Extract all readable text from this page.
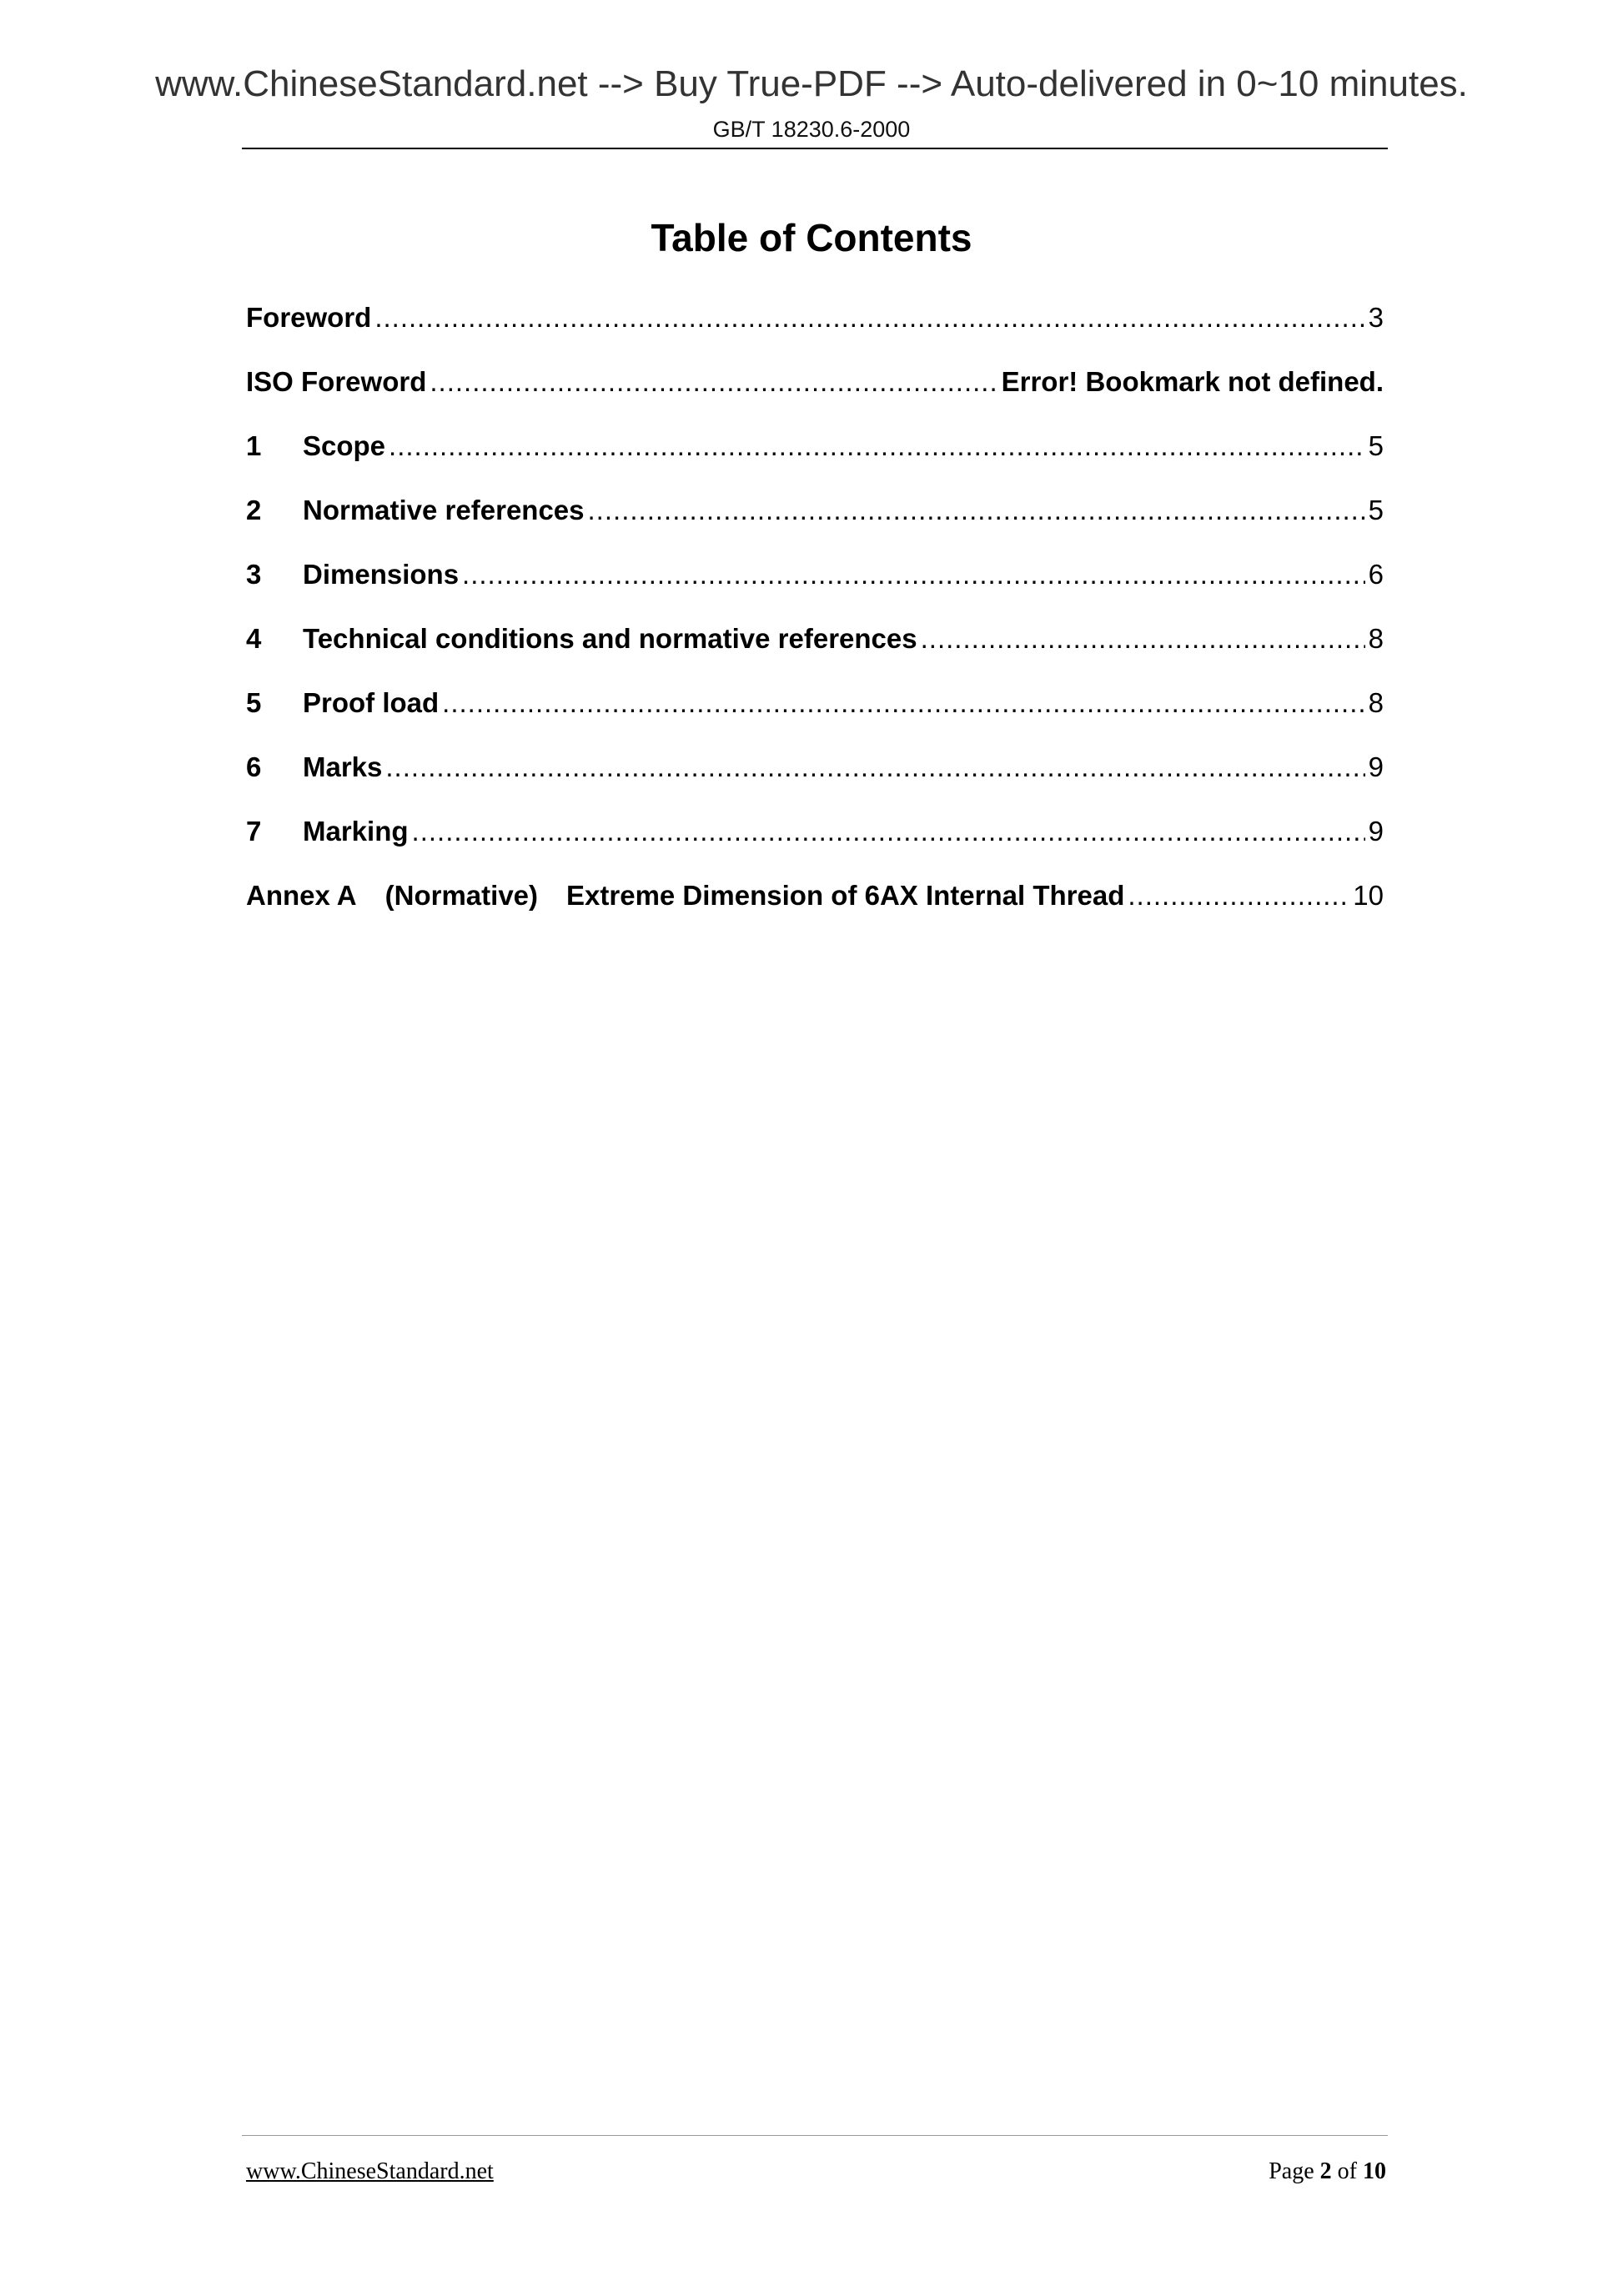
www.ChineseStandard.net --> Buy True-PDF --> Auto-delivered in 0~10 minutes.
GB/T 18230.6-2000
Table of Contents
Foreword .....	3
ISO Foreword .....	Error! Bookmark not defined.
1	Scope .....	5
2	Normative references .....	5
3	Dimensions .....	6
4	Technical conditions and normative references .....	8
5	Proof load .....	8
6	Marks .....	9
7	Marking .....	9
Annex A (Normative) Extreme Dimension of 6AX Internal Thread .....	10
www.ChineseStandard.net	Page 2 of 10
